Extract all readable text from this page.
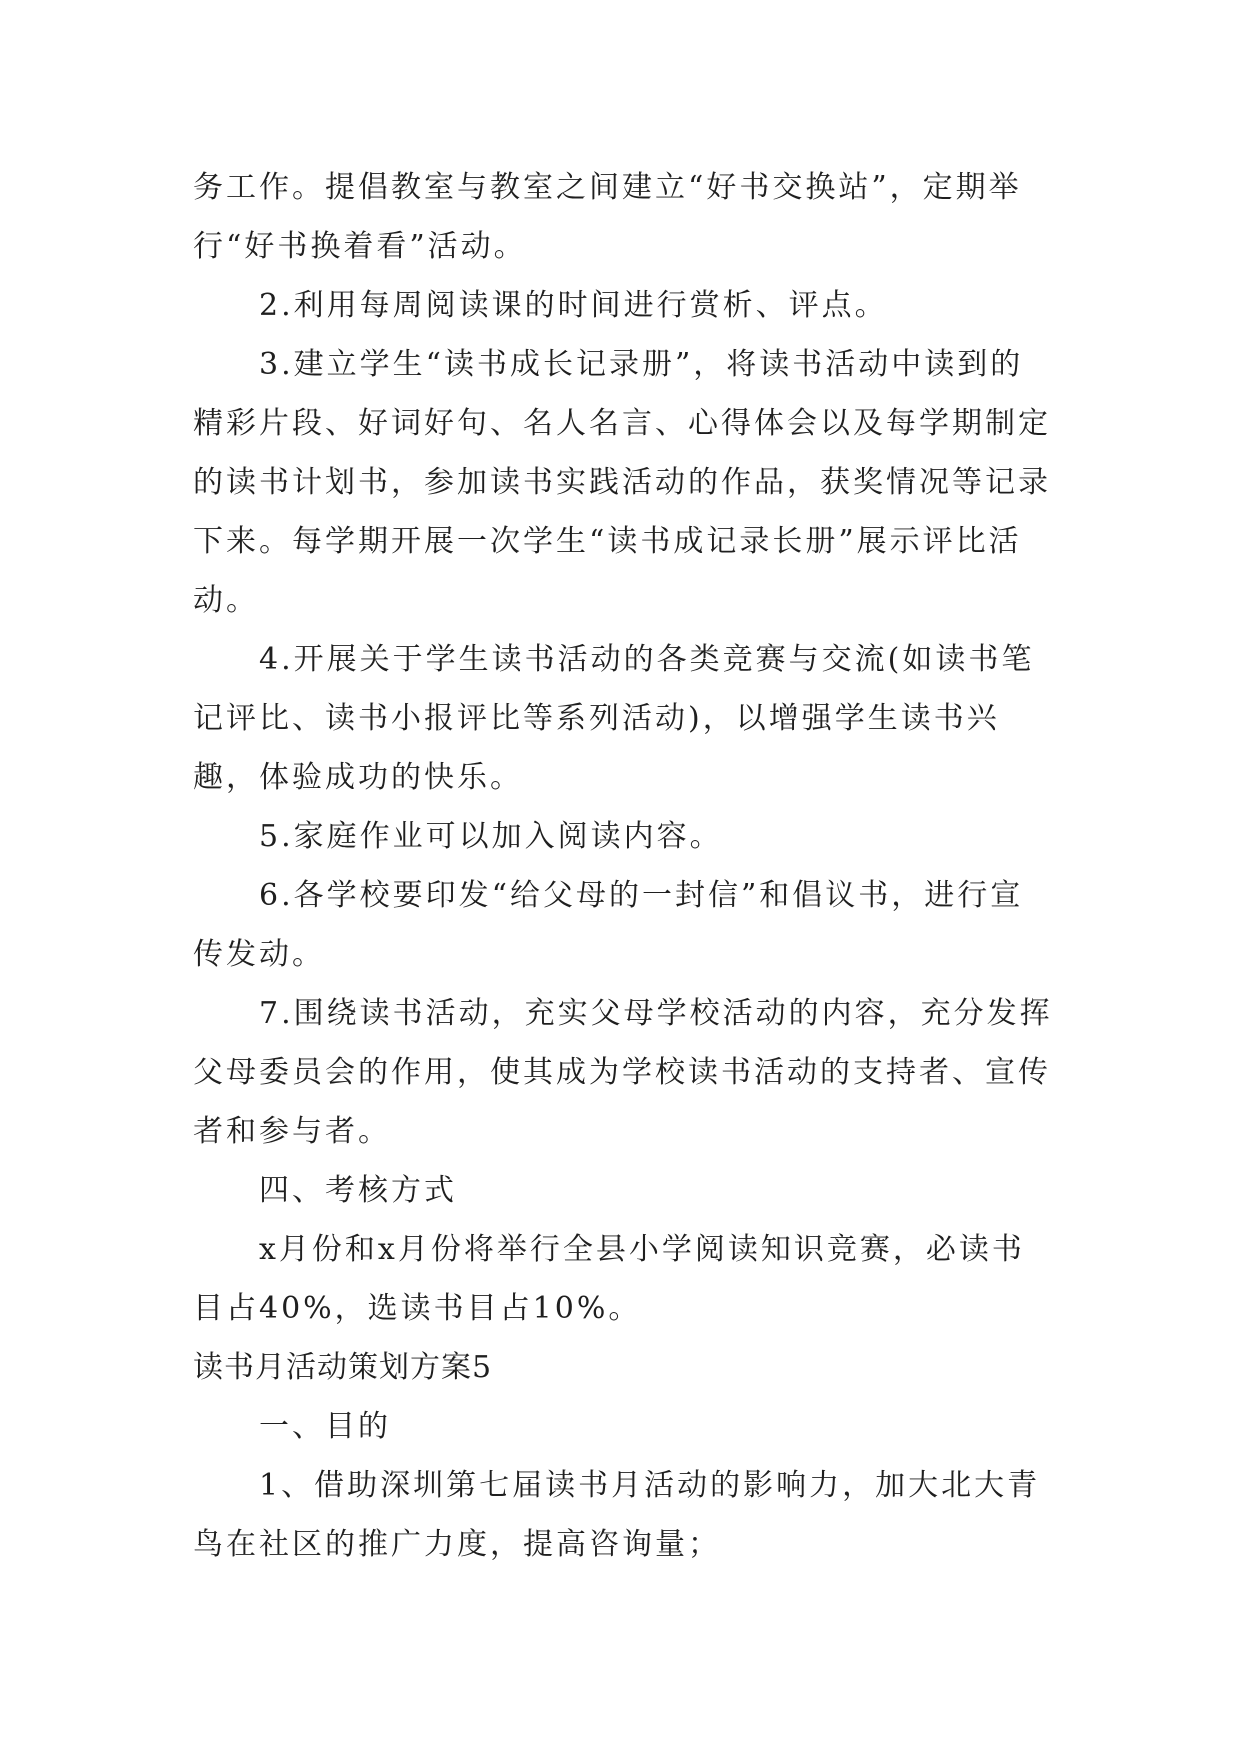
务工作。提倡教室与教室之间建立“好书交换站”，定期举行“好书换着看”活动。

2.利用每周阅读课的时间进行赏析、评点。

3.建立学生“读书成长记录册”，将读书活动中读到的精彩片段、好词好句、名人名言、心得体会以及每学期制定的读书计划书，参加读书实践活动的作品，获奖情况等记录下来。每学期开展一次学生“读书成记录长册”展示评比活动。

4.开展关于学生读书活动的各类竞赛与交流(如读书笔记评比、读书小报评比等系列活动)，以增强学生读书兴趣，体验成功的快乐。

5.家庭作业可以加入阅读内容。

6.各学校要印发“给父母的一封信”和倡议书，进行宣传发动。

7.围绕读书活动，充实父母学校活动的内容，充分发挥父母委员会的作用，使其成为学校读书活动的支持者、宣传者和参与者。

四、考核方式

x月份和x月份将举行全县小学阅读知识竞赛，必读书目占40%，选读书目占10%。

读书月活动策划方案5

一、目的

1、借助深圳第七届读书月活动的影响力，加大北大青鸟在社区的推广力度，提高咨询量；
